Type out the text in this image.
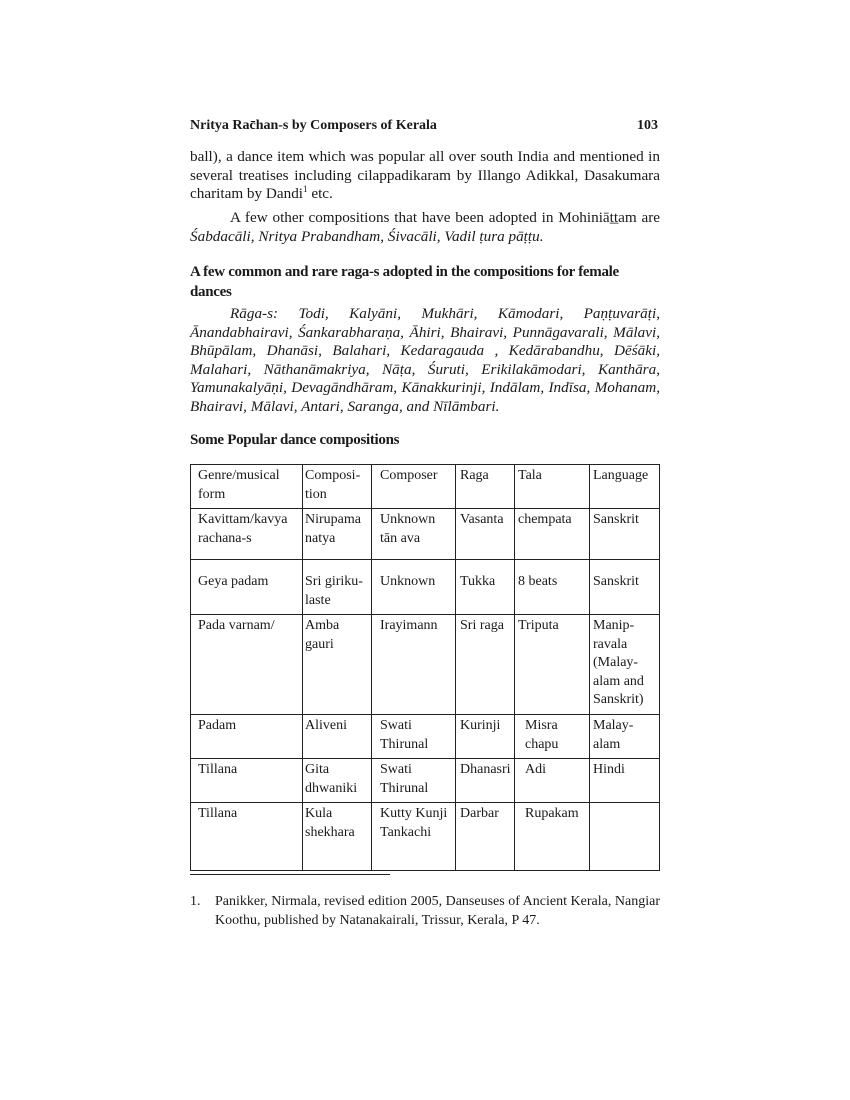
Nritya Rac̄han-s by Composers of Kerala	103
ball), a dance item which was popular all over south India and mentioned in several treatises including cilappadikaram by Illango Adikkal, Dasakumara charitam by Dandi$^1$ etc.
A few other compositions that have been adopted in Mohiniāṯṯam are Śabdacāli, Nritya Prabandham, Śivacāli, Vadil ṭura pāṭṭu.
A few common and rare raga-s adopted in the compositions for female dances
Rāga-s: Todi, Kalyāni, Mukhāri, Kāmodari, Paṇṭuvarāṭi, Ānandabhairavi, Śankarabharaṇa, Āhiri, Bhairavi, Punnāgavarali, Mālavi, Bhūpālam, Dhanāsi, Balahari, Kedaragauda , Kedārabandhu, Dēśāki, Malahari, Nāthanāmakriya, Nāṭa, Śuruti, Erikilakāmodari, Kanthāra, Yamunakalyāṇi, Devagāndhāram, Kānakkurinji, Indālam, Indīsa, Mohanam, Bhairavi, Mālavi, Antari, Saranga, and Nīlāmbari.
Some Popular dance compositions
Genre/musical form	Composi-tion	Composer	Raga	Tala	Language
Kavittam/kavya rachana-s	Nirupama natya	Unknown tān ava	Vasanta	chempata	Sanskrit
Geya padam	Sri giriku-laste	Unknown	Tukka	8 beats	Sanskrit
Pada varnam/	Amba gauri	Irayimann	Sri raga	Triputa	Manip-ravala (Malay-alam and Sanskrit)
Padam	Aliveni	Swati Thirunal	Kurinji	Misra chapu	Malay-alam
Tillana	Gita dhwaniki	Swati Thirunal	Dhanasri	Adi	Hindi
Tillana	Kula shekhara	Kutty Kunji Tankachi	Darbar	Rupakam	
1. Panikker, Nirmala, revised edition 2005, Danseuses of Ancient Kerala, Nangiar Koothu, published by Natanakairali, Trissur, Kerala, P 47.
